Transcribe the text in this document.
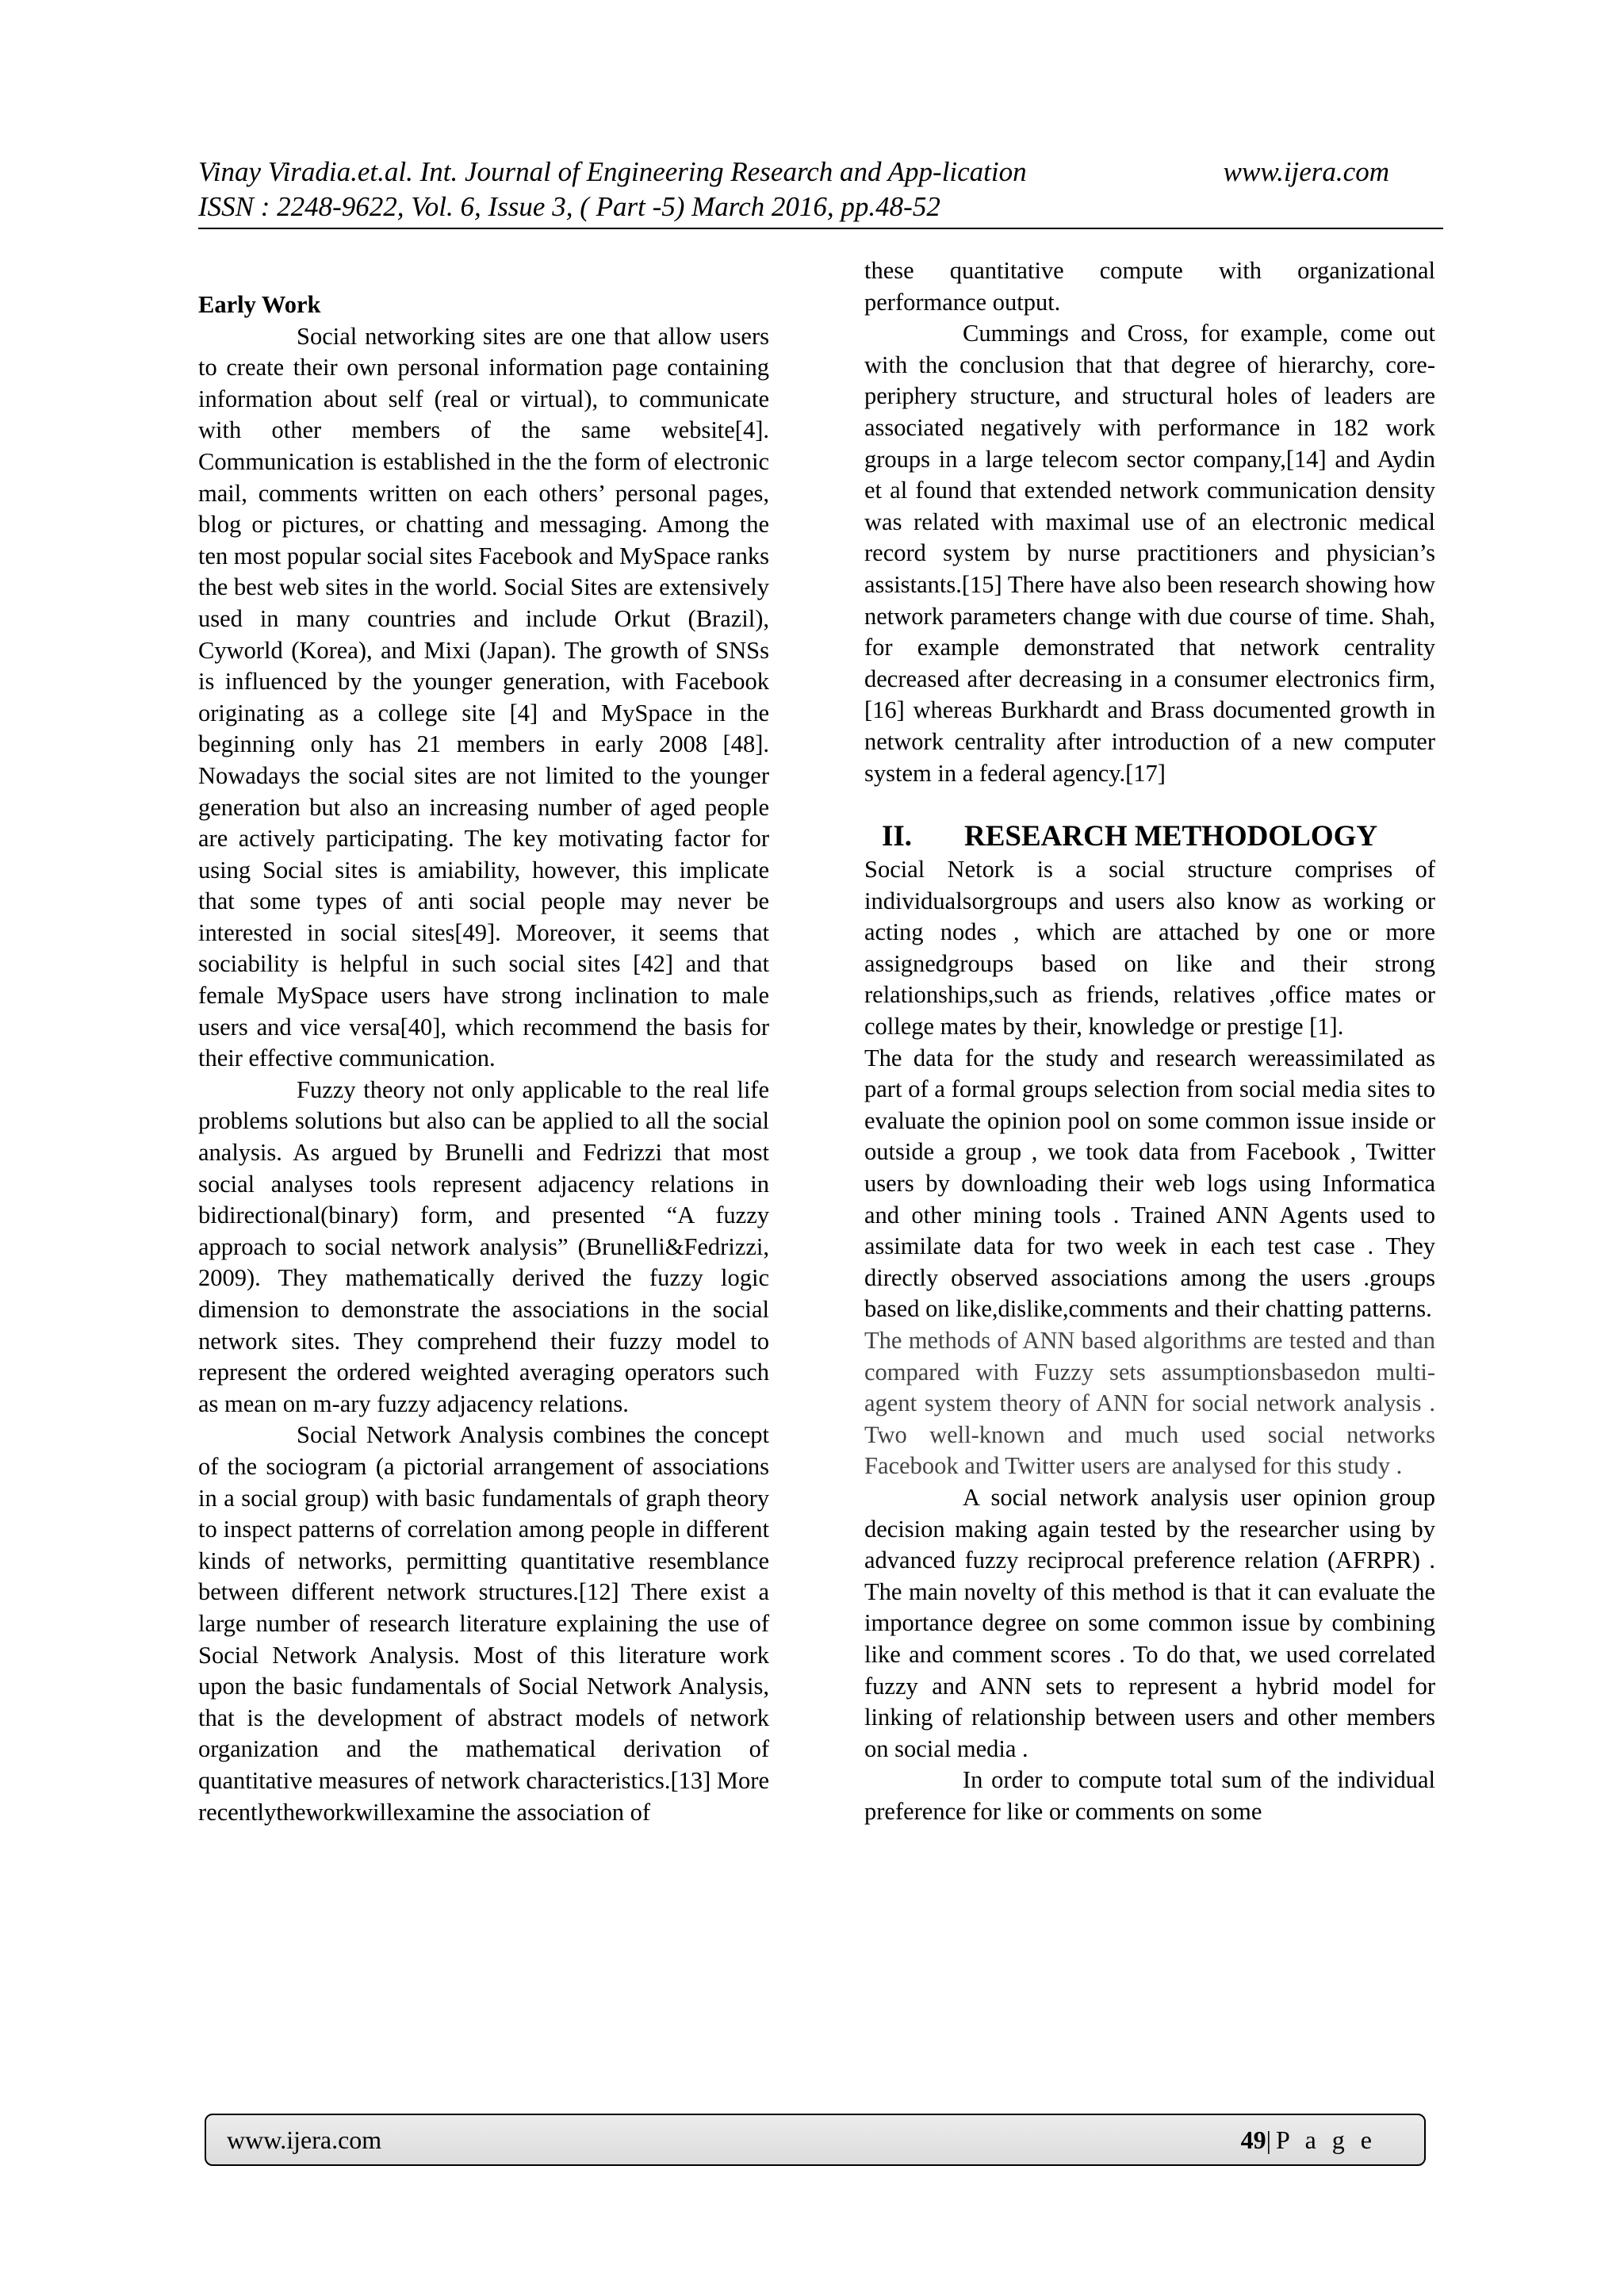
Vinay Viradia.et.al. Int. Journal of Engineering Research and App-lication	www.ijera.com
ISSN : 2248-9622, Vol. 6, Issue 3, ( Part -5) March 2016, pp.48-52

Early Work

Social networking sites are one that allow users to create their own personal information page containing information about self (real or virtual), to communicate with other members of the same website[4]. Communication is established in the the form of electronic mail, comments written on each others’ personal pages, blog or pictures, or chatting and messaging. Among the ten most popular social sites Facebook and MySpace ranks the best web sites in the world. Social Sites are extensively used in many countries and include Orkut (Brazil), Cyworld (Korea), and Mixi (Japan). The growth of SNSs is influenced by the younger generation, with Facebook originating as a college site [4] and MySpace in the beginning only has 21 members in early 2008 [48]. Nowadays the social sites are not limited to the younger generation but also an increasing number of aged people are actively participating. The key motivating factor for using Social sites is amiability, however, this implicate that some types of anti social people may never be interested in social sites[49]. Moreover, it seems that sociability is helpful in such social sites [42] and that female MySpace users have strong inclination to male users and vice versa[40], which recommend the basis for their effective communication.

Fuzzy theory not only applicable to the real life problems solutions but also can be applied to all the social analysis. As argued by Brunelli and Fedrizzi that most social analyses tools represent adjacency relations in bidirectional(binary) form, and presented “A fuzzy approach to social network analysis” (Brunelli&Fedrizzi, 2009). They mathematically derived the fuzzy logic dimension to demonstrate the associations in the social network sites. They comprehend their fuzzy model to represent the ordered weighted averaging operators such as mean on m-ary fuzzy adjacency relations.

Social Network Analysis combines the concept of the sociogram (a pictorial arrangement of associations in a social group) with basic fundamentals of graph theory to inspect patterns of correlation among people in different kinds of networks, permitting quantitative resemblance between different network structures.[12] There exist a large number of research literature explaining the use of Social Network Analysis. Most of this literature work upon the basic fundamentals of Social Network Analysis, that is the development of abstract models of network organization and the mathematical derivation of quantitative measures of network characteristics.[13] More recentlytheworkwillexamine the association of

these quantitative compute with organizational performance output.

Cummings and Cross, for example, come out with the conclusion that that degree of hierarchy, core-periphery structure, and structural holes of leaders are associated negatively with performance in 182 work groups in a large telecom sector company,[14] and Aydin et al found that extended network communication density was related with maximal use of an electronic medical record system by nurse practitioners and physician’s assistants.[15] There have also been research showing how network parameters change with due course of time. Shah, for example demonstrated that network centrality decreased after decreasing in a consumer electronics firm,[16] whereas Burkhardt and Brass documented growth in network centrality after introduction of a new computer system in a federal agency.[17]

II. RESEARCH METHODOLOGY

Social Netork is a social structure comprises of individualsorgroups and users also know as working or acting nodes , which are attached by one or more assignedgroups based on like and their strong relationships,such as friends, relatives ,office mates or college mates by their, knowledge or prestige [1].

The data for the study and research wereassimilated as part of a formal groups selection from social media sites to evaluate the opinion pool on some common issue inside or outside a group , we took data from Facebook , Twitter users by downloading their web logs using Informatica and other mining tools . Trained ANN Agents used to assimilate data for two week in each test case . They directly observed associations among the users .groups based on like,dislike,comments and their chatting patterns.

The methods of ANN based algorithms are tested and than compared with Fuzzy sets assumptionsbasedon multi-agent system theory of ANN for social network analysis . Two well-known and much used social networks Facebook and Twitter users are analysed for this study .

A social network analysis user opinion group decision making again tested by the researcher using by advanced fuzzy reciprocal preference relation (AFRPR) . The main novelty of this method is that it can evaluate the importance degree on some common issue by combining like and comment scores . To do that, we used correlated fuzzy and ANN sets to represent a hybrid model for linking of relationship between users and other members on social media .

In order to compute total sum of the individual preference for like or comments on some

www.ijera.com	49|P a g e
